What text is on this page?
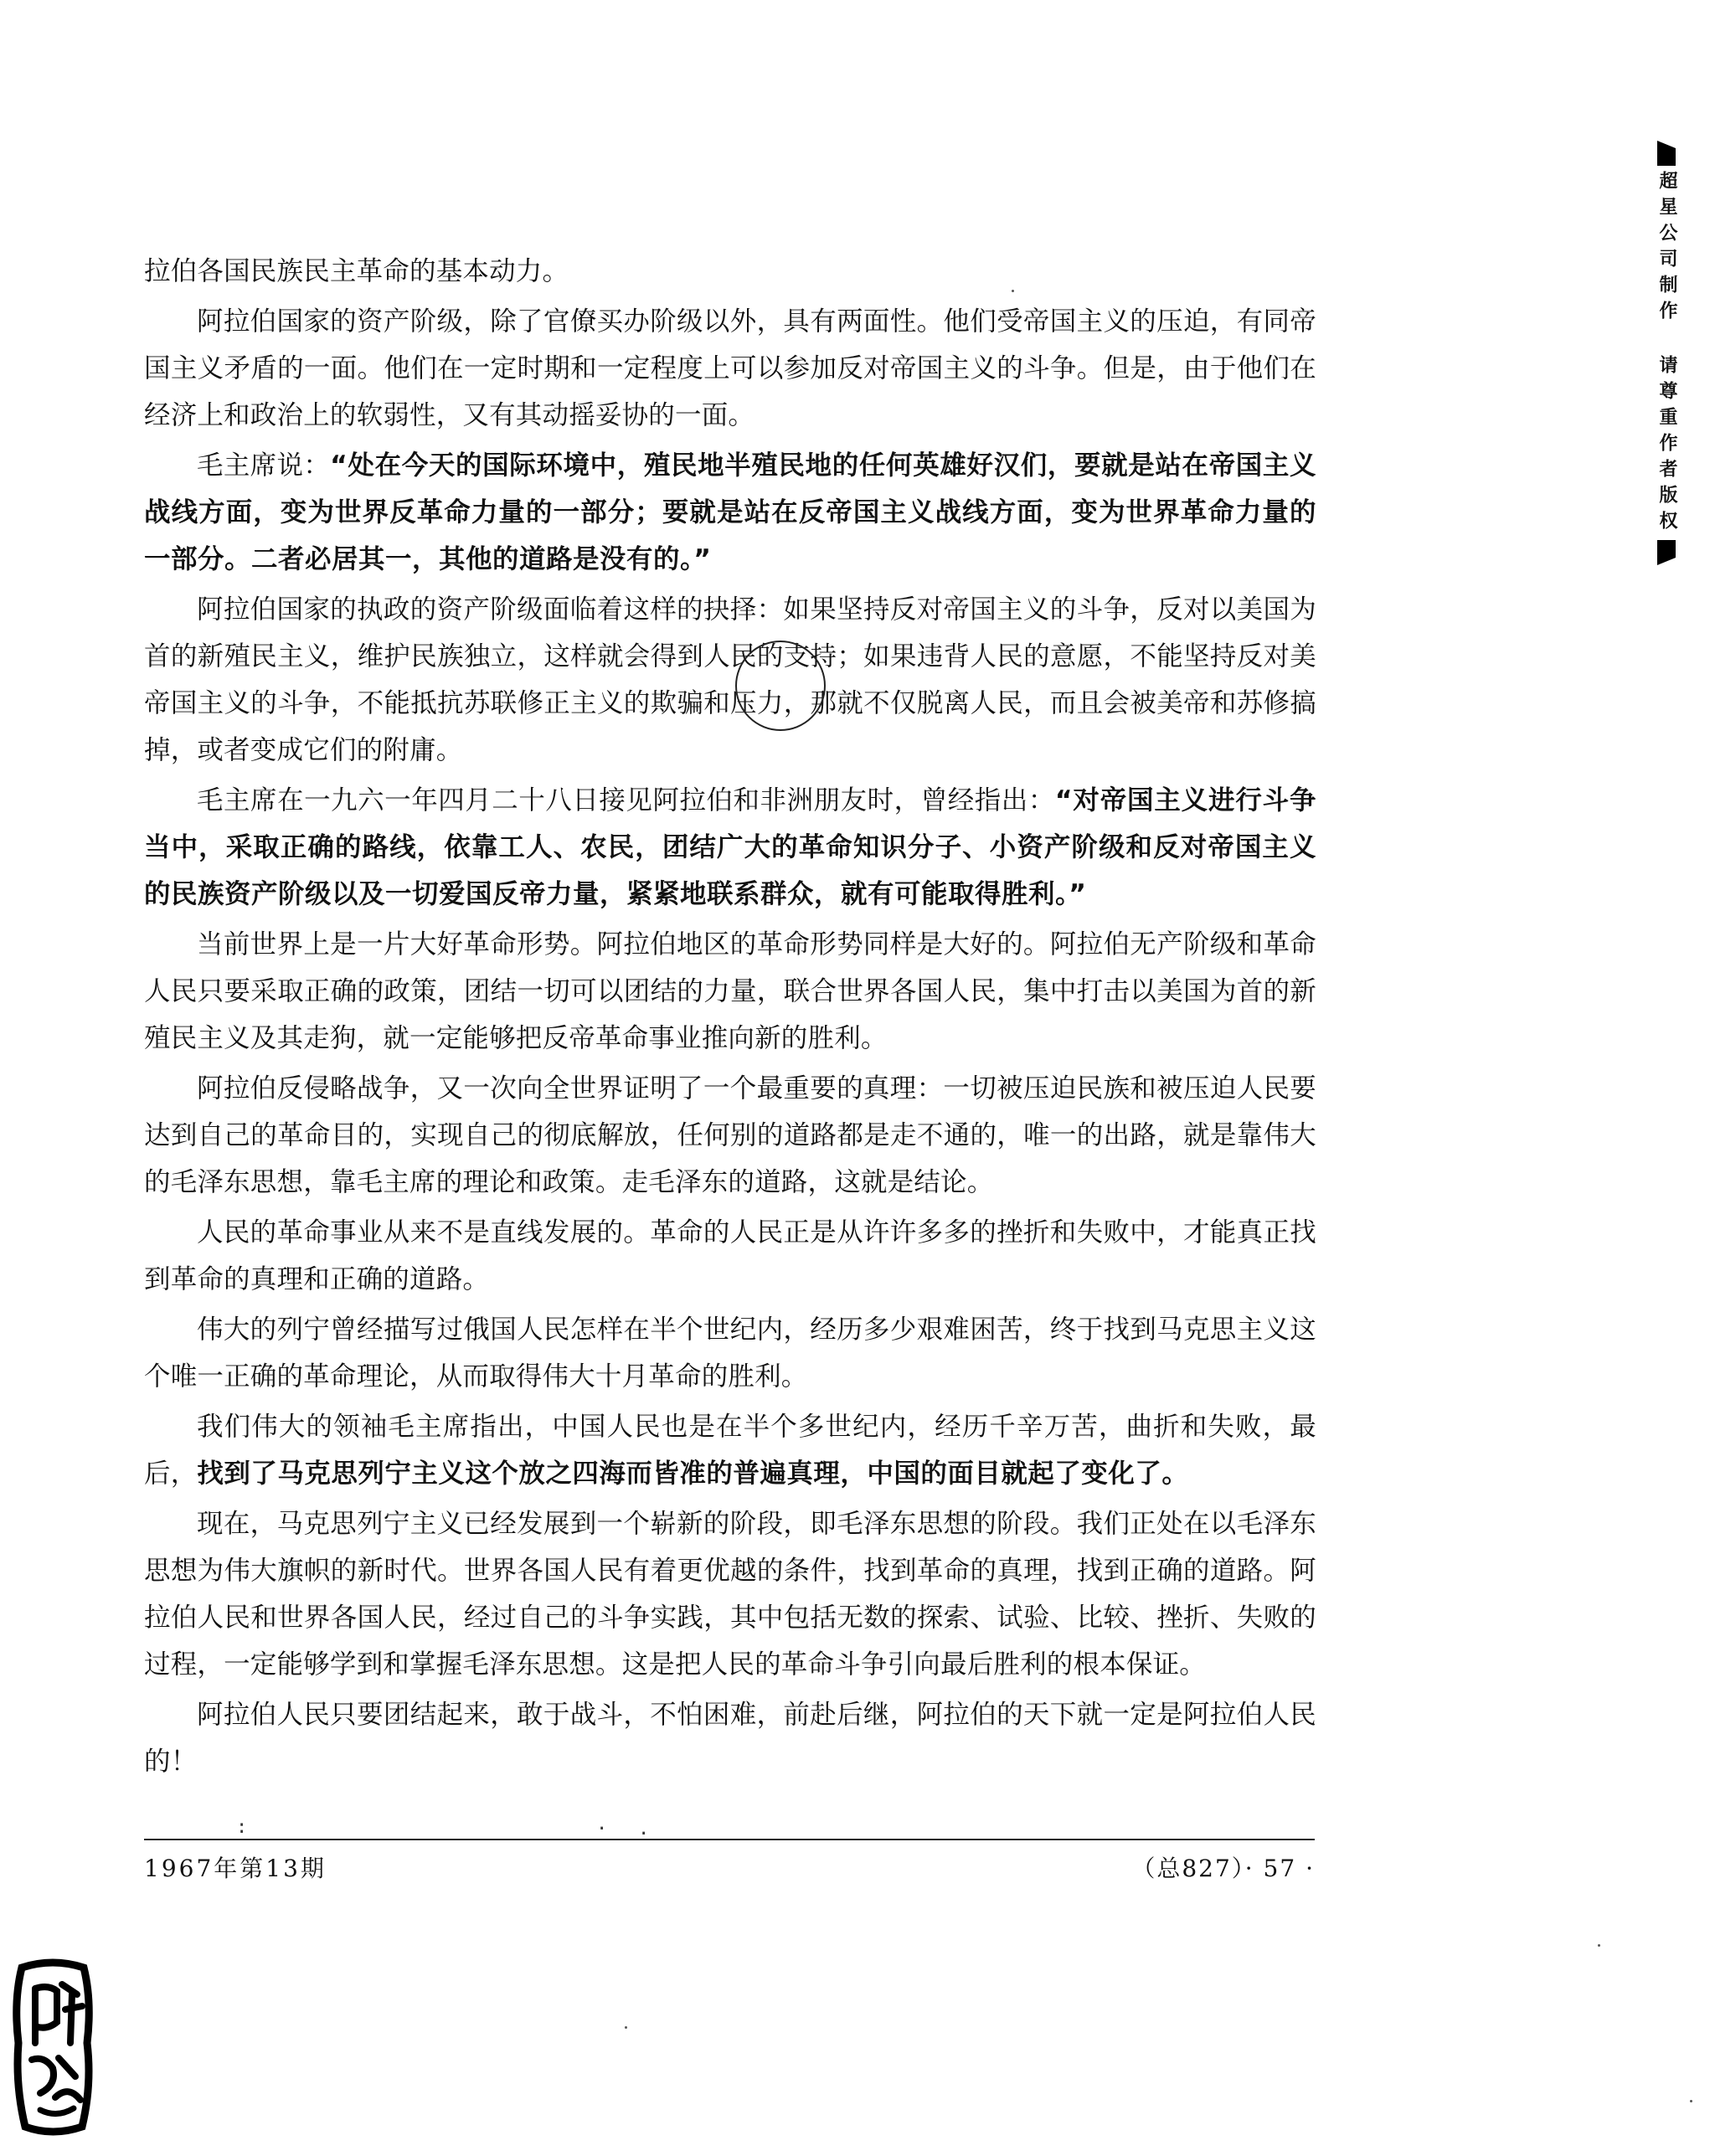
超星公司制作 请尊重作者版权

拉伯各国民族民主革命的基本动力。

阿拉伯国家的资产阶级，除了官僚买办阶级以外，具有两面性。他们受帝国主义的压迫，有同帝国主义矛盾的一面。他们在一定时期和一定程度上可以参加反对帝国主义的斗争。但是，由于他们在经济上和政治上的软弱性，又有其动摇妥协的一面。

毛主席说：“处在今天的国际环境中，殖民地半殖民地的任何英雄好汉们，要就是站在帝国主义战线方面，变为世界反革命力量的一部分；要就是站在反帝国主义战线方面，变为世界革命力量的一部分。二者必居其一，其他的道路是没有的。”

阿拉伯国家的执政的资产阶级面临着这样的抉择：如果坚持反对帝国主义的斗争，反对以美国为首的新殖民主义，维护民族独立，这样就会得到人民的支持；如果违背人民的意愿，不能坚持反对美帝国主义的斗争，不能抵抗苏联修正主义的欺骗和压力，那就不仅脱离人民，而且会被美帝和苏修搞掉，或者变成它们的附庸。

毛主席在一九六一年四月二十八日接见阿拉伯和非洲朋友时，曾经指出：“对帝国主义进行斗争当中，采取正确的路线，依靠工人、农民，团结广大的革命知识分子、小资产阶级和反对帝国主义的民族资产阶级以及一切爱国反帝力量，紧紧地联系群众，就有可能取得胜利。”

当前世界上是一片大好革命形势。阿拉伯地区的革命形势同样是大好的。阿拉伯无产阶级和革命人民只要采取正确的政策，团结一切可以团结的力量，联合世界各国人民，集中打击以美国为首的新殖民主义及其走狗，就一定能够把反帝革命事业推向新的胜利。

阿拉伯反侵略战争，又一次向全世界证明了一个最重要的真理：一切被压迫民族和被压迫人民要达到自己的革命目的，实现自己的彻底解放，任何别的道路都是走不通的，唯一的出路，就是靠伟大的毛泽东思想，靠毛主席的理论和政策。走毛泽东的道路，这就是结论。

人民的革命事业从来不是直线发展的。革命的人民正是从许许多多的挫折和失败中，才能真正找到革命的真理和正确的道路。

伟大的列宁曾经描写过俄国人民怎样在半个世纪内，经历多少艰难困苦，终于找到马克思主义这个唯一正确的革命理论，从而取得伟大十月革命的胜利。

我们伟大的领袖毛主席指出，中国人民也是在半个多世纪内，经历千辛万苦，曲折和失败，最后，找到了马克思列宁主义这个放之四海而皆准的普遍真理，中国的面目就起了变化了。

现在，马克思列宁主义已经发展到一个崭新的阶段，即毛泽东思想的阶段。我们正处在以毛泽东思想为伟大旗帜的新时代。世界各国人民有着更优越的条件，找到革命的真理，找到正确的道路。阿拉伯人民和世界各国人民，经过自己的斗争实践，其中包括无数的探索、试验、比较、挫折、失败的过程，一定能够学到和掌握毛泽东思想。这是把人民的革命斗争引向最后胜利的根本保证。

阿拉伯人民只要团结起来，敢于战斗，不怕困难，前赴后继，阿拉伯的天下就一定是阿拉伯人民的！

:	. .
1967年第13期	（总827）· 57 ·
